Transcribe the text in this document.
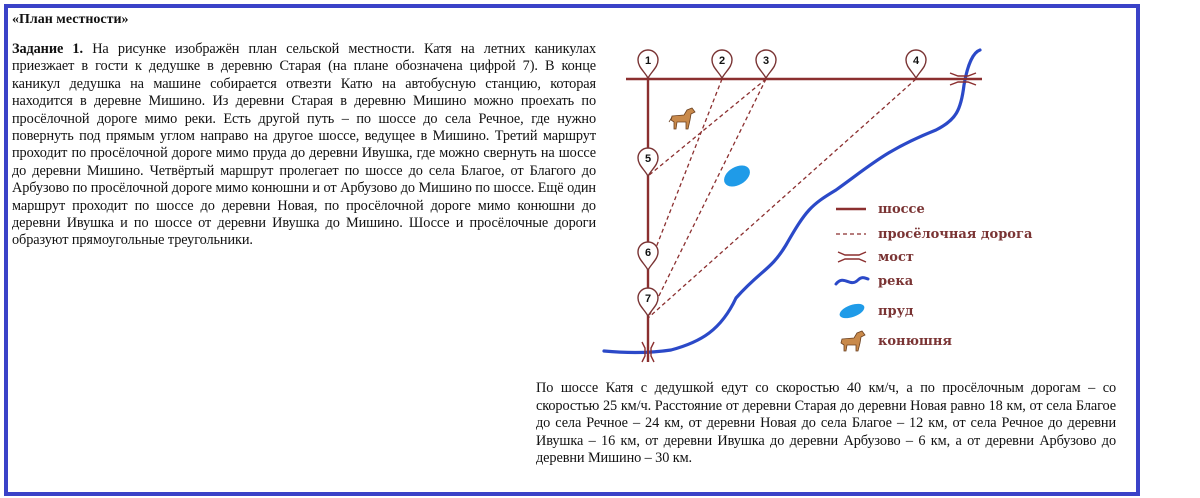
«План местности»
Задание 1. На рисунке изображён план сельской местности. Катя на летних каникулах приезжает в гости к дедушке в деревню Старая (на плане обозначена цифрой 7). В конце каникул дедушка на машине собирается отвезти Катю на автобусную станцию, которая находится в деревне Мишино. Из деревни Старая в деревню Мишино можно проехать по просёлочной дороге мимо реки. Есть другой путь – по шоссе до села Речное, где нужно повернуть под прямым углом направо на другое шоссе, ведущее в Мишино. Третий маршрут проходит по просёлочной дороге мимо пруда до деревни Ивушка, где можно свернуть на шоссе до деревни Мишино. Четвёртый маршрут пролегает по шоссе до села Благое, от Благого до Арбузово по просёлочной дороге мимо конюшни и от Арбузово до Мишино по шоссе. Ещё один маршрут проходит по шоссе до деревни Новая, по просёлочной дороге мимо конюшни до деревни Ивушка и по шоссе от деревни Ивушка до Мишино. Шоссе и просёлочные дороги образуют прямоугольные треугольники.
1	2	3	4
5
6
7
шоссе
просёлочная дорога
мост
река
пруд
конюшня
По шоссе Катя с дедушкой едут со скоростью 40 км/ч, а по просёлочным дорогам – со скоростью 25 км/ч. Расстояние от деревни Старая до деревни Новая равно 18 км, от села Благое до села Речное – 24 км, от деревни Новая до села Благое – 12 км, от села Речное до деревни Ивушка – 16 км, от деревни Ивушка до деревни Арбузово – 6 км, а от деревни Арбузово до деревни Мишино – 30 км.
